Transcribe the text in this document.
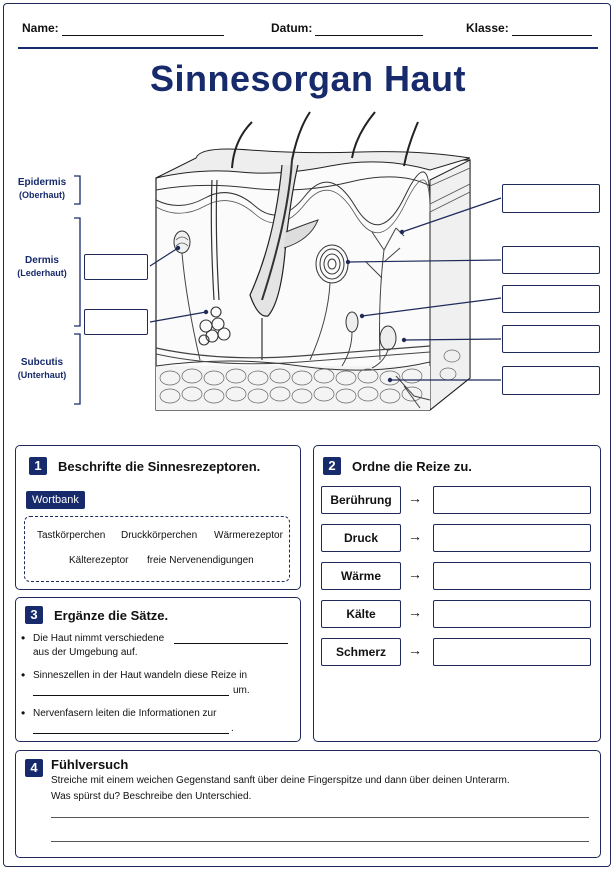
Name:	Datum:	Klasse:
Sinnesorgan Haut
Epidermis
(Oberhaut)
Dermis
(Lederhaut)
Subcutis
(Unterhaut)
1	Beschrifte die Sinnesrezeptoren.
Wortbank
Tastkörperchen Druckkörperchen Wärmerezeptor
Kälterezeptor freie Nervenendigungen
2	Ordne die Reize zu.
Berührung	→
Druck	→
Wärme	→
Kälte	→
Schmerz	→
3	Ergänze die Sätze.
• Die Haut nimmt verschiedene
aus der Umgebung auf.
• Sinneszellen in der Haut wandeln diese Reize in
um.
• Nervenfasern leiten die Informationen zur
.
4	Fühlversuch
Streiche mit einem weichen Gegenstand sanft über deine Fingerspitze und dann über deinen Unterarm.
Was spürst du? Beschreibe den Unterschied.
